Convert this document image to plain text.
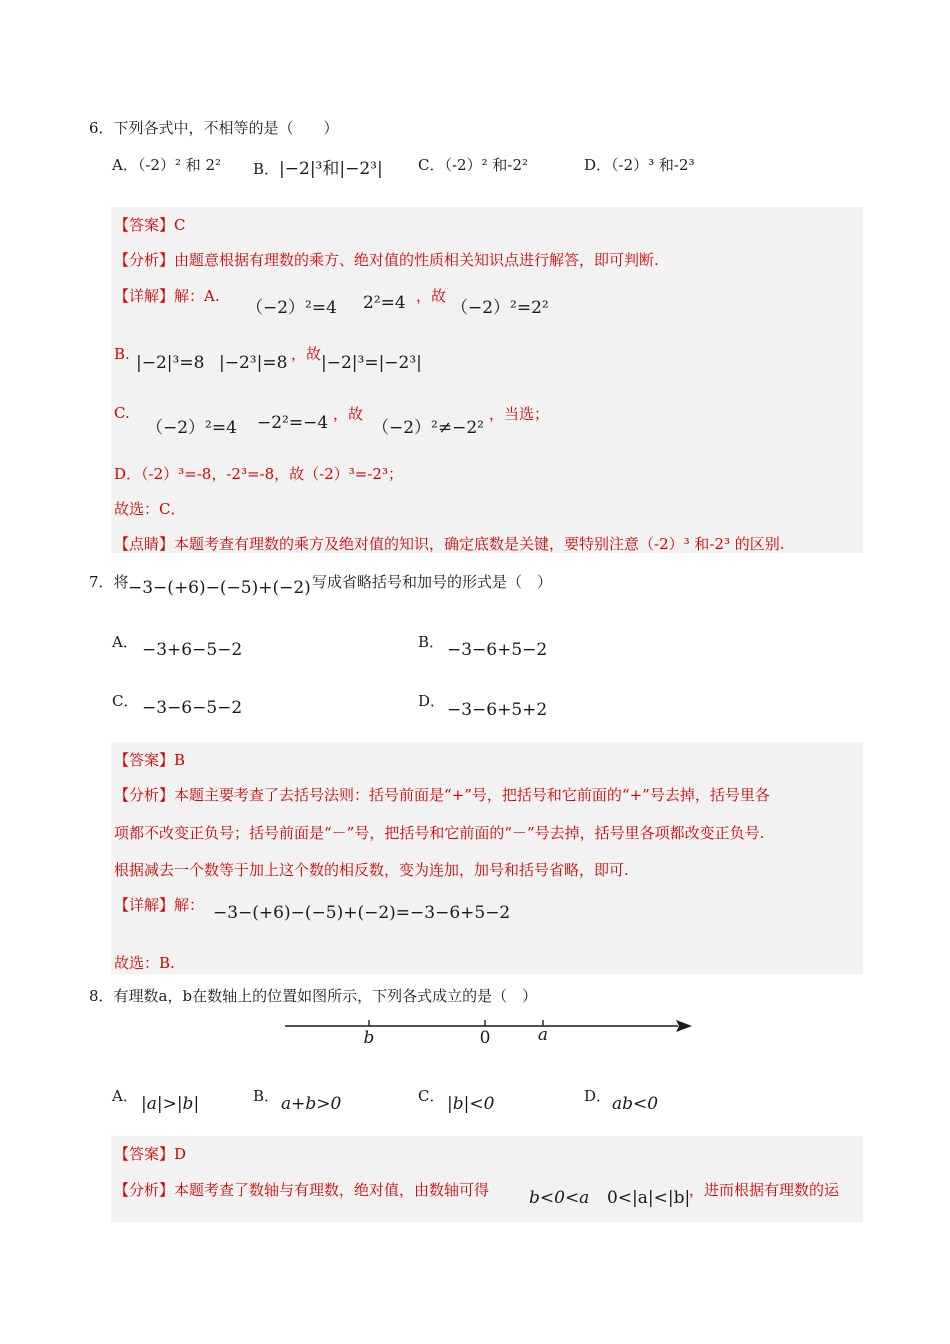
6．下列各式中，不相等的是（　　）
A．（-2）² 和 2² B．|−2|³和|−2³| C．（-2）² 和-2²	D．（-2）³ 和-2³
【答案】C
【分析】由题意根据有理数的乘方、绝对值的性质相关知识点进行解答，即可判断.
【详解】解：A.
（−2）²=4 2²=4 ，故
（−2）²=2²
B. |−2|³=8 |−2³|=8 ，故 |−2|³=|−2³|
C.
（−2）²=4 −2²=−4 ，故
（−2）²≠−2²
，当选；
D．（-2）³=-8，-2³=-8，故（-2）³=-2³；
故选：C．
【点睛】本题考查有理数的乘方及绝对值的知识，确定底数是关键，要特别注意（-2）³ 和-2³ 的区别.
7．将 −3−(+6)−(−5)+(−2) 写成省略括号和加号的形式是（　）
A． −3+6−5−2	B． −3−6+5−2
C． −3−6−5−2	D． −3−6+5+2
【答案】B
【分析】本题主要考查了去括号法则：括号前面是“+”号，把括号和它前面的“+”号去掉，括号里各
项都不改变正负号；括号前面是“－”号，把括号和它前面的“－”号去掉，括号里各项都改变正负号.
根据减去一个数等于加上这个数的相反数，变为连加，加号和括号省略，即可.
【详解】解： −3−(+6)−(−5)+(−2)=−3−6+5−2
故选：B.
8．有理数a，b在数轴上的位置如图所示，下列各式成立的是（　）
b	0	a
A． |a|>|b|	B． a+b>0	C． |b|<0	D． ab<0
【答案】D
【分析】本题考查了数轴与有理数，绝对值，由数轴可得 b<0<a 0<|a|<|b|
，进而根据有理数的运
